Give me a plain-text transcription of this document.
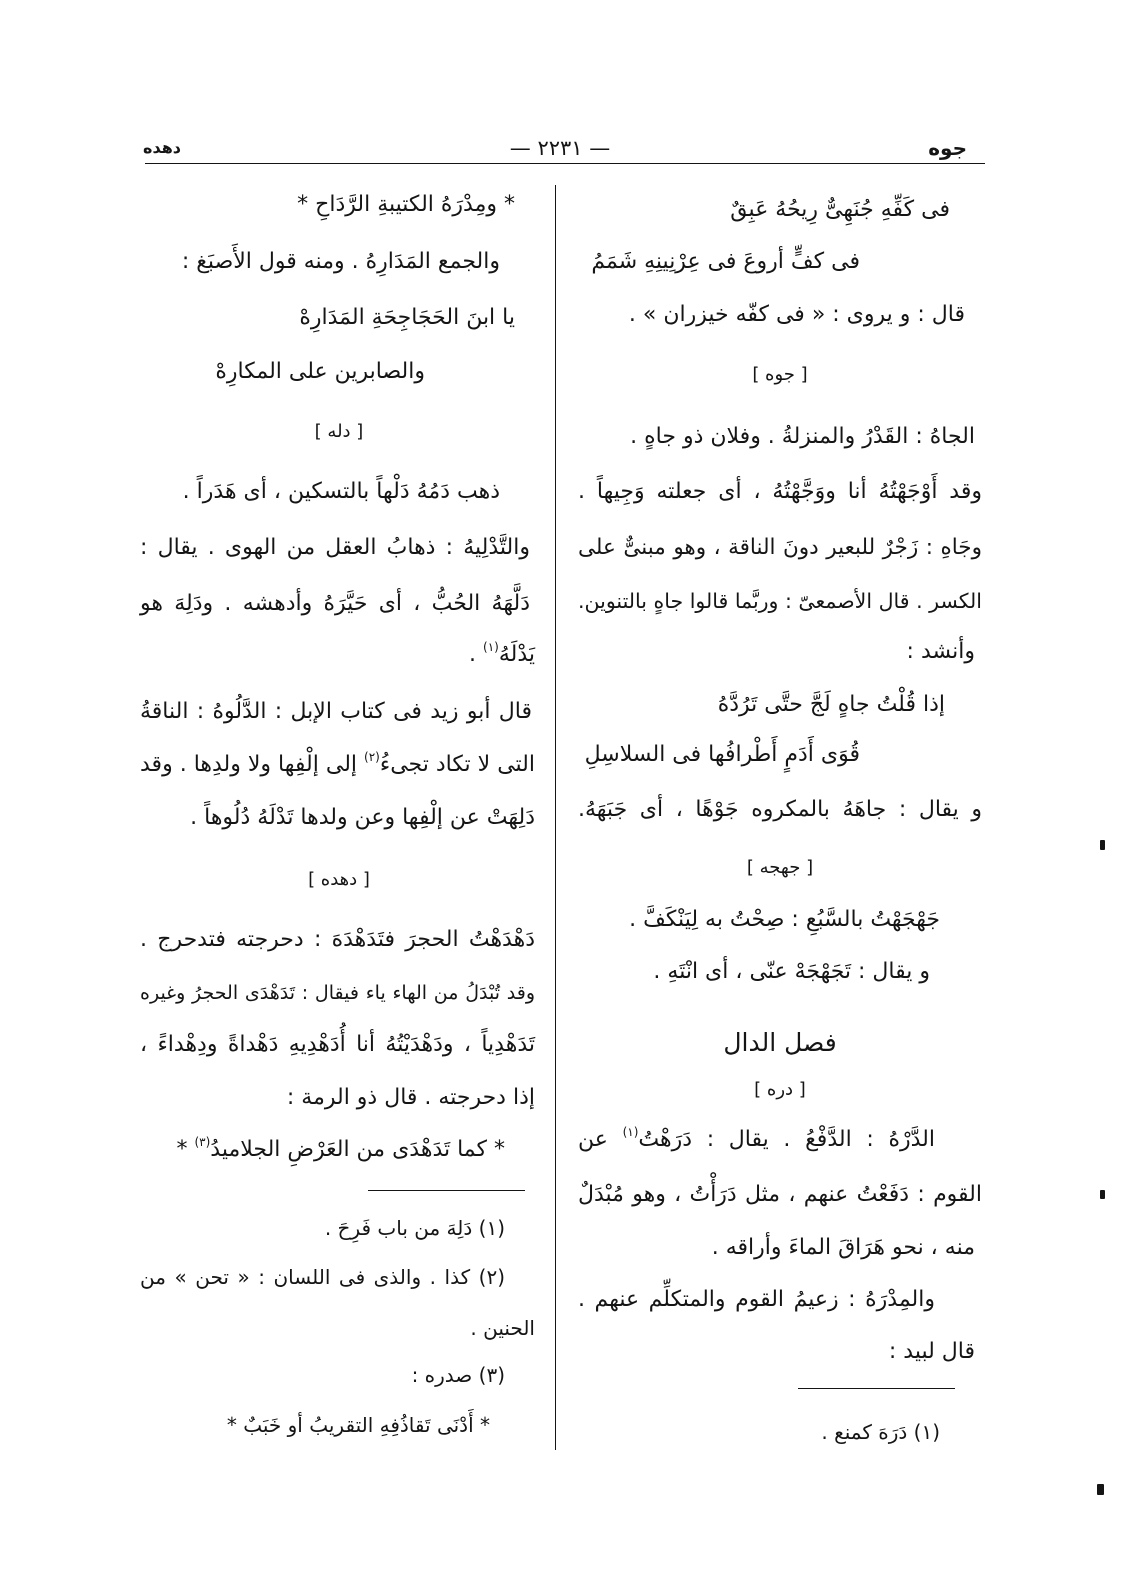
جوه
— ٢٢٣١ —
دهده
فى كَفِّهِ جُنَهِىٌّ رِيحُهُ عَبِقٌ
فى كفٍّ أروعَ فى عِرْنِينِهِ شَمَمُ
قال : و يروى : « فى كفّه خيزران » .
[ جوه ]
الجاهُ : القَدْرُ والمنزلةُ . وفلان ذو جاهٍ .
وقد أَوْجَهْتُهُ أنا ووَجَّهْتُهُ ، أى جعلته وَجِيهاً .
وجَاهِ : زَجْرٌ للبعير دونَ الناقة ، وهو مبنىٌّ على
الكسر . قال الأصمعىّ : وربَّما قالوا جاهٍ بالتنوين.
وأنشد :
إذا قُلْتُ جاهٍ لَجَّ حتَّى تَرُدَّهُ
قُوَى أَدَمٍ أَطْرافُها فى السلاسِلِ
و يقال : جاهَهُ بالمكروه جَوْهًا ، أى جَبَهَهُ.
[ جهجه ]
جَهْجَهْتُ بالسَّبُعِ : صِحْتُ به لِيَنْكَفَّ .
و يقال : تَجَهْجَهْ عنّى ، أى انْتَهِ .
فصل الدال
[ دره ]
الدَّرْهُ : الدَّفْعُ . يقال : دَرَهْتُ$^{(١)}$ عن
القوم : دَفَعْتُ عنهم ، مثل دَرَأْتُ ، وهو مُبْدَلٌ
منه ، نحو هَرَاقَ الماءَ وأراقه .
والمِدْرَهُ : زعيمُ القوم والمتكلِّم عنهم .
قال لبيد :
(١) دَرَهَ كمنع .
* ومِدْرَهُ الكتيبةِ الرَّدَاحِ *
والجمع المَدَارِهُ . ومنه قول الأَصبَغ :
يا ابنَ الحَجَاجِحَةِ المَدَارِهْ
والصابرين على المكارِهْ
[ دله ]
ذهب دَمُهُ دَلْهاً بالتسكين ، أى هَدَراً .
والتَّدْلِيهُ : ذهابُ العقل من الهوى . يقال :
دَلَّهَهُ الحُبُّ ، أى حَيَّرَهُ وأدهشه . ودَلِهَ هو
يَدْلَهُ$^{(١)}$ .
قال أبو زيد فى كتاب الإبل : الدَّلُوهُ : الناقةُ
التى لا تكاد تجىءُ$^{(٢)}$ إلى إلْفِها ولا ولدِها . وقد
دَلِهَتْ عن إلْفِها وعن ولدها تَدْلَهُ دُلُوهاً .
[ دهده ]
دَهْدَهْتُ الحجرَ فتَدَهْدَهَ : دحرجته فتدحرج .
وقد تُبْدَلُ من الهاء ياء فيقال : تَدَهْدَى الحجرُ وغيره
تَدَهْدِياً ، ودَهْدَيْتُهُ أنا أُدَهْدِيهِ دَهْداةً ودِهْداءً ،
إذا دحرجته . قال ذو الرمة :
* كما تَدَهْدَى من العَرْضِ الجلاميدُ$^{(٣)}$ *
(١) دَلِهَ من باب فَرِحَ .
(٢) كذا . والذى فى اللسان : « تحن » من
الحنين .
(٣) صدره :
* أَدْنَى تَقاذُفِهِ التقريبُ أو خَبَبٌ *
